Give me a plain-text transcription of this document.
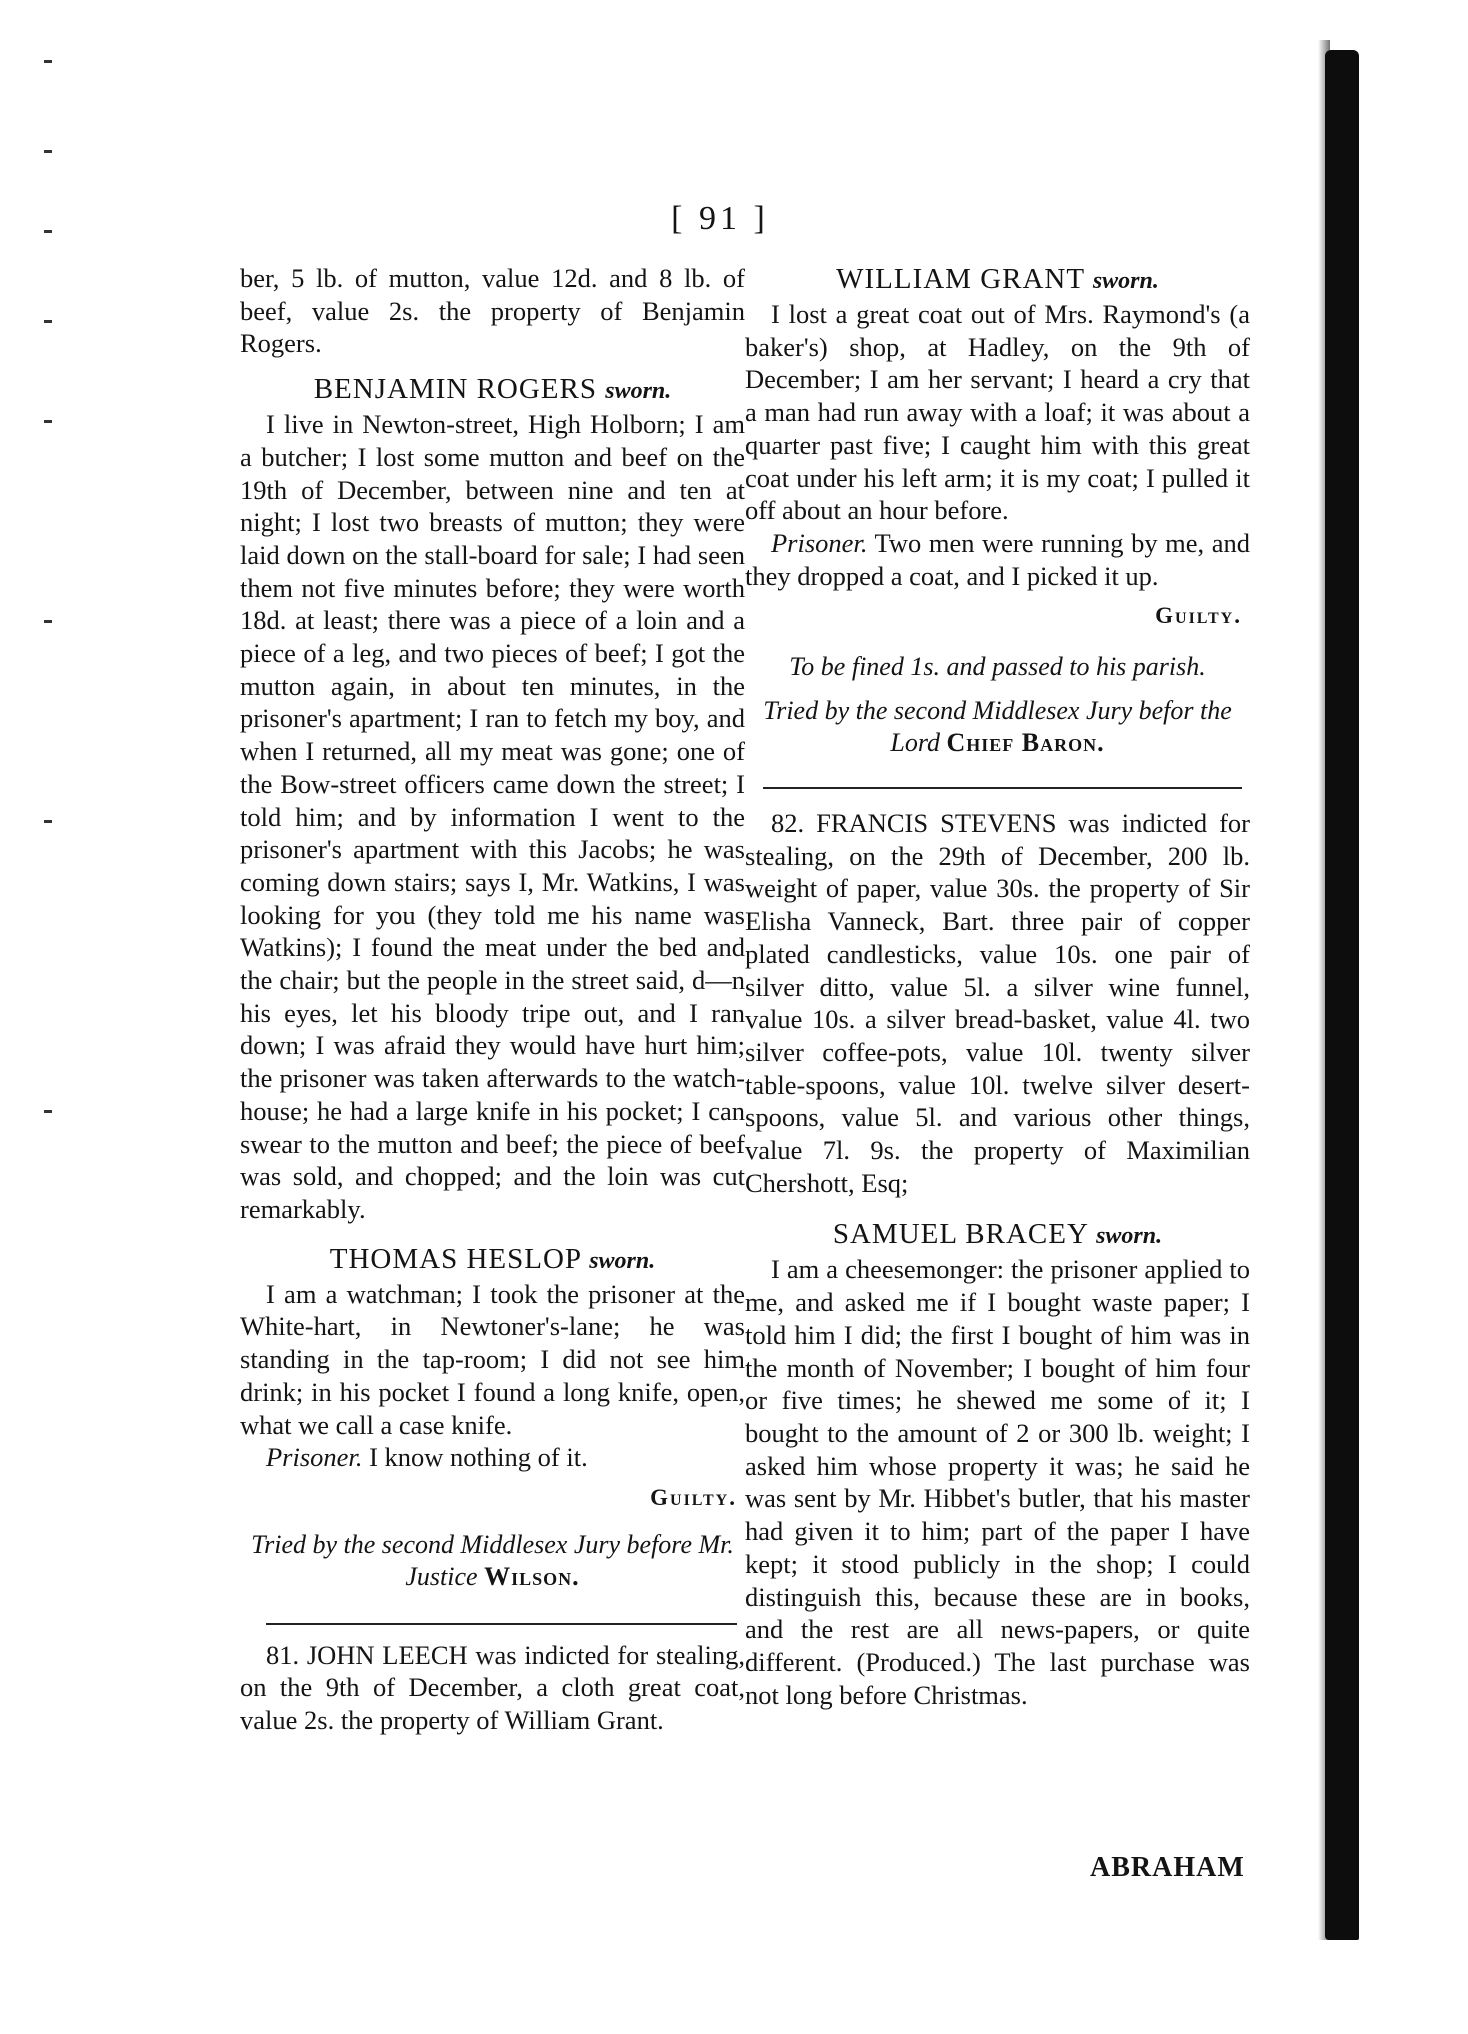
[ 91 ]

ber, 5 lb. of mutton, value 12d. and 8 lb. of beef, value 2s. the property of Benjamin Rogers.

BENJAMIN ROGERS sworn.

I live in Newton-street, High Holborn; I am a butcher; I lost some mutton and beef on the 19th of December, between nine and ten at night; I lost two breasts of mutton; they were laid down on the stall-board for sale; I had seen them not five minutes before; they were worth 18d. at least; there was a piece of a loin and a piece of a leg, and two pieces of beef; I got the mutton again, in about ten minutes, in the prisoner's apartment; I ran to fetch my boy, and when I returned, all my meat was gone; one of the Bow-street officers came down the street; I told him; and by information I went to the prisoner's apartment with this Jacobs; he was coming down stairs; says I, Mr. Watkins, I was looking for you (they told me his name was Watkins); I found the meat under the bed and the chair; but the people in the street said, d—n his eyes, let his bloody tripe out, and I ran down; I was afraid they would have hurt him; the prisoner was taken afterwards to the watch-house; he had a large knife in his pocket; I can swear to the mutton and beef; the piece of beef was sold, and chopped; and the loin was cut remarkably.

THOMAS HESLOP sworn.

I am a watchman; I took the prisoner at the White-hart, in Newtoner's-lane; he was standing in the tap-room; I did not see him drink; in his pocket I found a long knife, open, what we call a case knife.

Prisoner. I know nothing of it.

Guilty.
Tried by the second Middlesex Jury before Mr. Justice Wilson.

81. JOHN LEECH was indicted for stealing, on the 9th of December, a cloth great coat, value 2s. the property of William Grant.

WILLIAM GRANT sworn.

I lost a great coat out of Mrs. Raymond's (a baker's) shop, at Hadley, on the 9th of December; I am her servant; I heard a cry that a man had run away with a loaf; it was about a quarter past five; I caught him with this great coat under his left arm; it is my coat; I pulled it off about an hour before.

Prisoner. Two men were running by me, and they dropped a coat, and I picked it up.

Guilty.
To be fined 1s. and passed to his parish.
Tried by the second Middlesex Jury befor the Lord Chief Baron.

82. FRANCIS STEVENS was indicted for stealing, on the 29th of December, 200 lb. weight of paper, value 30s. the property of Sir Elisha Vanneck, Bart. three pair of copper plated candlesticks, value 10s. one pair of silver ditto, value 5l. a silver wine funnel, value 10s. a silver bread-basket, value 4l. two silver coffee-pots, value 10l. twenty silver table-spoons, value 10l. twelve silver desert-spoons, value 5l. and various other things, value 7l. 9s. the property of Maximilian Chershott, Esq;

SAMUEL BRACEY sworn.

I am a cheesemonger: the prisoner applied to me, and asked me if I bought waste paper; I told him I did; the first I bought of him was in the month of November; I bought of him four or five times; he shewed me some of it; I bought to the amount of 2 or 300 lb. weight; I asked him whose property it was; he said he was sent by Mr. Hibbet's butler, that his master had given it to him; part of the paper I have kept; it stood publicly in the shop; I could distinguish this, because these are in books, and the rest are all news-papers, or quite different. (Produced.) The last purchase was not long before Christmas.

ABRAHAM
